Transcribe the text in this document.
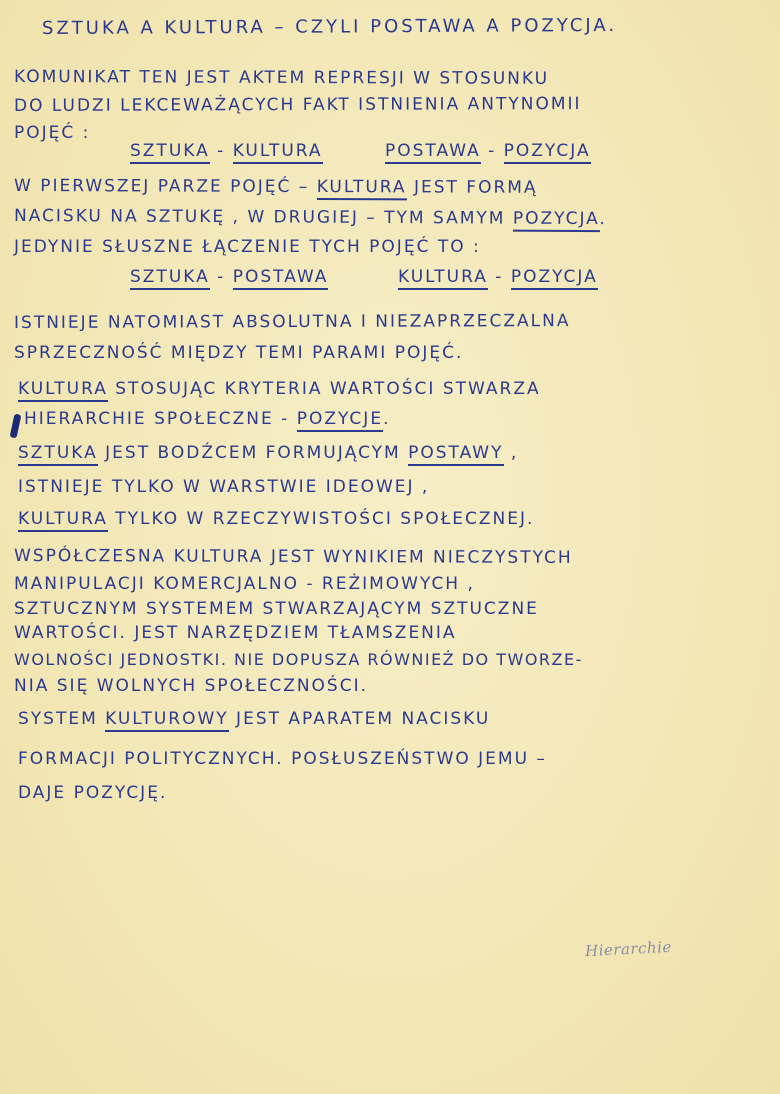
SZTUKA A KULTURA – CZYLI POSTAWA A POZYCJA.
KOMUNIKAT TEN JEST AKTEM REPRESJI W STOSUNKU
DO LUDZI LEKCEWAŻĄCYCH FAKT ISTNIENIA ANTYNOMII
POJĘĆ :
SZTUKA - KULTURA	POSTAWA - POZYCJA
W PIERWSZEJ PARZE POJĘĆ – KULTURA JEST FORMĄ
NACISKU NA SZTUKĘ , W DRUGIEJ – TYM SAMYM POZYCJA.
JEDYNIE SŁUSZNE ŁĄCZENIE TYCH POJĘĆ TO :
SZTUKA - POSTAWA	KULTURA - POZYCJA
ISTNIEJE NATOMIAST ABSOLUTNA I NIEZAPRZECZALNA
SPRZECZNOŚĆ MIĘDZY TEMI PARAMI POJĘĆ.
KULTURA STOSUJĄC KRYTERIA WARTOŚCI STWARZA
HIERARCHIE SPOŁECZNE - POZYCJE.
SZTUKA JEST BODŹCEM FORMUJĄCYM POSTAWY ,
ISTNIEJE TYLKO W WARSTWIE IDEOWEJ ,
KULTURA TYLKO W RZECZYWISTOŚCI SPOŁECZNEJ.
WSPÓŁCZESNA KULTURA JEST WYNIKIEM NIECZYSTYCH
MANIPULACJI KOMERCJALNO - REŻIMOWYCH ,
SZTUCZNYM SYSTEMEM STWARZAJĄCYM SZTUCZNE
WARTOŚCI. JEST NARZĘDZIEM TŁAMSZENIA
WOLNOŚCI JEDNOSTKI. NIE DOPUSZA RÓWNIEŻ DO TWORZE-
NIA SIĘ WOLNYCH SPOŁECZNOŚCI.
SYSTEM KULTUROWY JEST APARATEM NACISKU
FORMACJI POLITYCZNYCH. POSŁUSZEŃSTWO JEMU –
DAJE POZYCJĘ.
Hierarchie
